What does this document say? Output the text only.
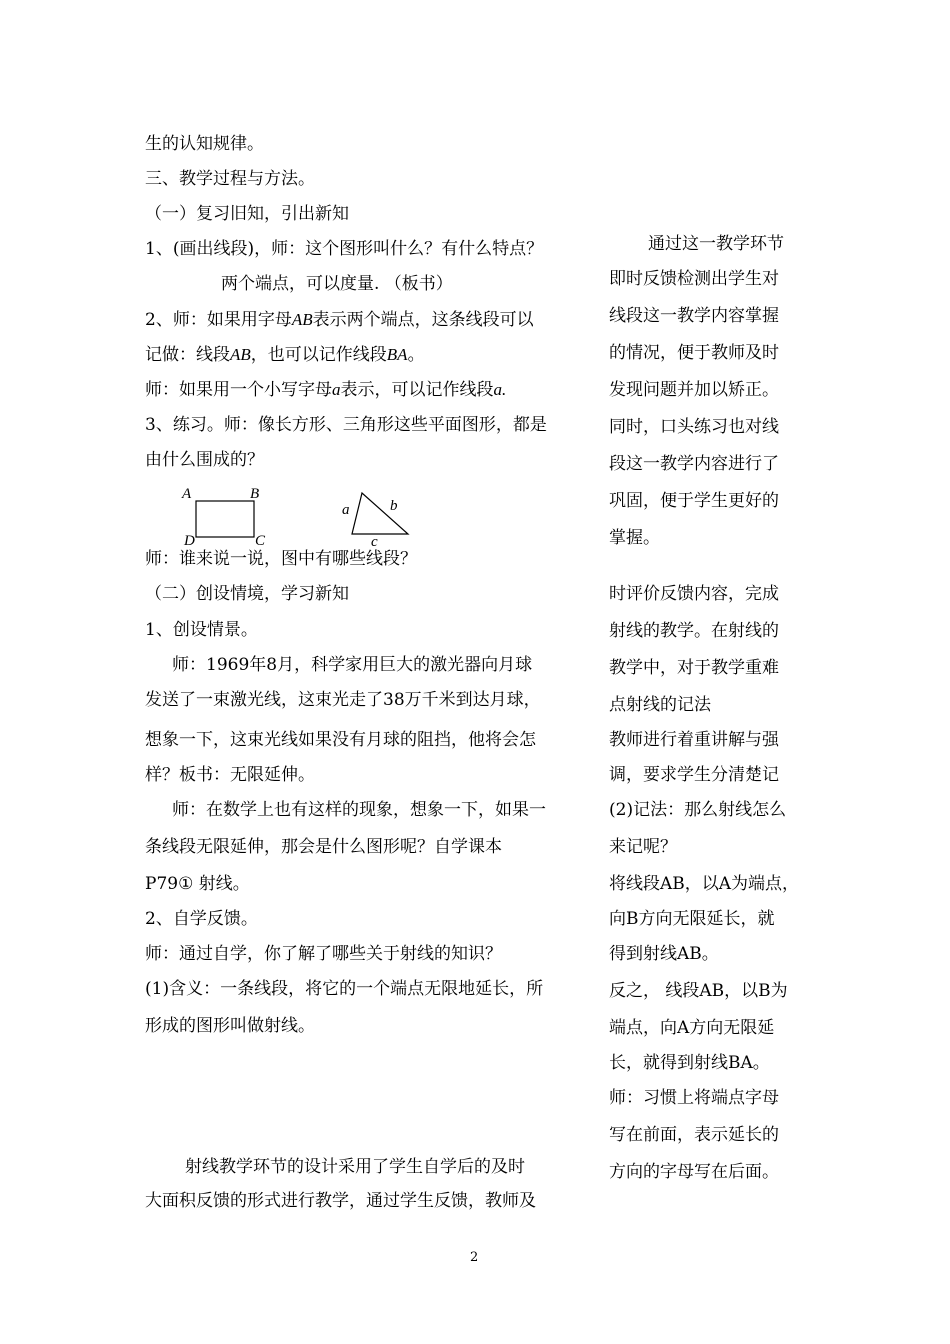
生的认知规律。
三、教学过程与方法。
（一）复习旧知，引出新知
1、(画出线段)，师：这个图形叫什么？有什么特点？
两个端点，可以度量. （板书）
2、师：如果用字母AB表示两个端点，这条线段可以
记做：线段AB，也可以记作线段BA。
师：如果用一个小写字母a表示，可以记作线段a.
3、练习。师：像长方形、三角形这些平面图形，都是
由什么围成的？
A	B
C
D
a	b
c
师：谁来说一说，图中有哪些线段？
（二）创设情境，学习新知
1、创设情景。
师：1969年8月，科学家用巨大的激光器向月球
发送了一束激光线，这束光走了38万千米到达月球，
想象一下，这束光线如果没有月球的阻挡，他将会怎
样？板书：无限延伸。
师：在数学上也有这样的现象，想象一下，如果一
条线段无限延伸，那会是什么图形呢？自学课本
P79① 射线。
2、自学反馈。
师：通过自学，你了解了哪些关于射线的知识？
(1)含义：一条线段，将它的一个端点无限地延长，所
形成的图形叫做射线。
射线教学环节的设计采用了学生自学后的及时
大面积反馈的形式进行教学，通过学生反馈，教师及
通过这一教学环节
即时反馈检测出学生对
线段这一教学内容掌握
的情况，便于教师及时
发现问题并加以矫正。
同时，口头练习也对线
段这一教学内容进行了
巩固，便于学生更好的
掌握。
时评价反馈内容，完成
射线的教学。在射线的
教学中，对于教学重难
点射线的记法
教师进行着重讲解与强
调，要求学生分清楚记
(2)记法：那么射线怎么
来记呢？
将线段AB，以A为端点，
向B方向无限延长，就
得到射线AB。
反之， 线段AB，以B为
端点，向A方向无限延
长，就得到射线BA。
师：习惯上将端点字母
写在前面，表示延长的
方向的字母写在后面。
2
